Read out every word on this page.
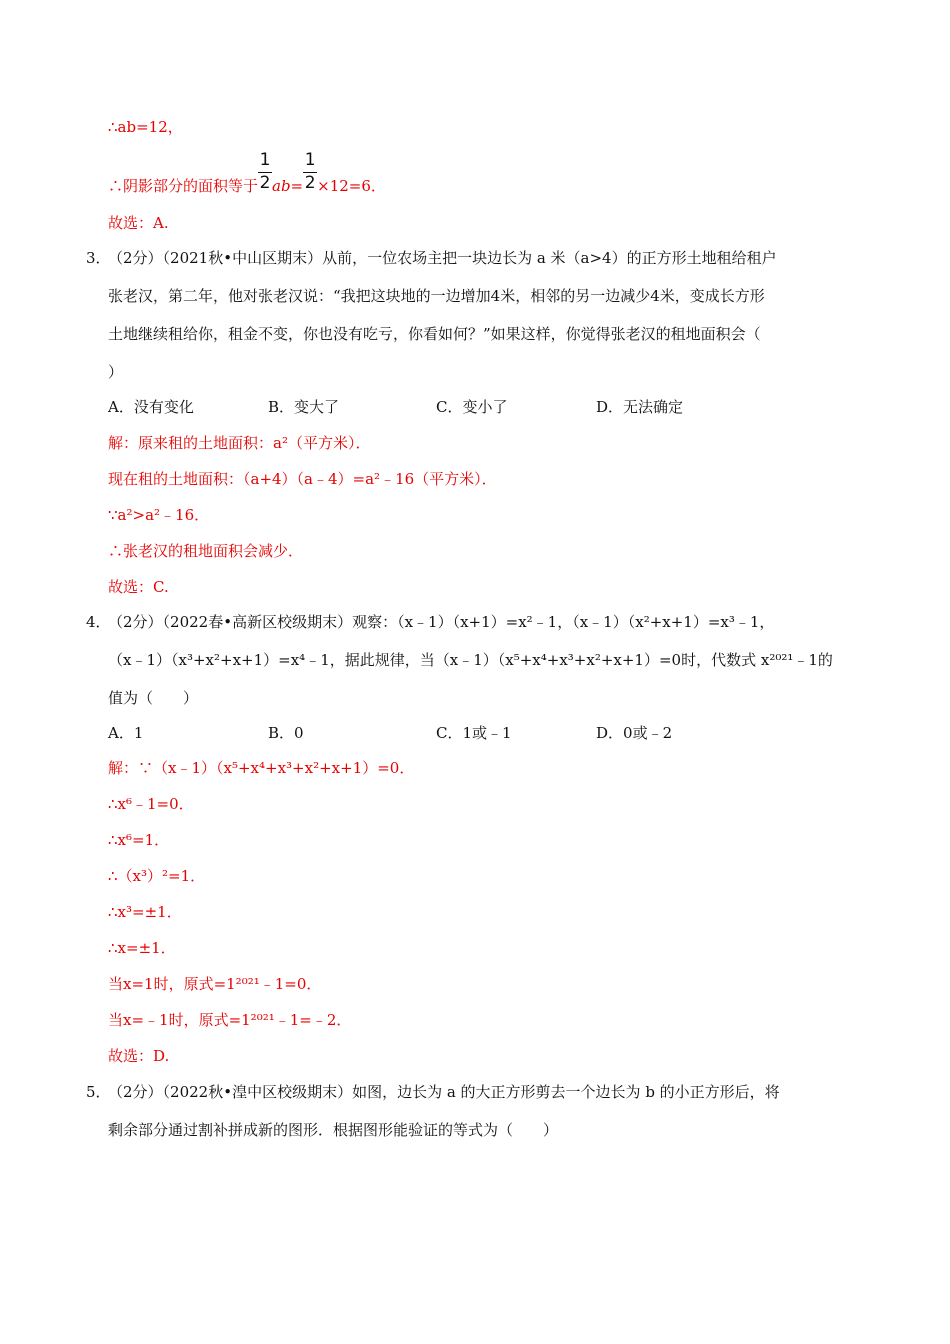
∴ab=12，
∴阴影部分的面积等于 $\frac{1}{2} ab= \frac{1}{2} \times 12=6$．
故选：A.
3．
（2分）（2021秋•中山区期末）从前，一位农场主把一块边长为 a 米（a>4）的正方形土地租给租户
张老汉，第二年，他对张老汉说：“我把这块地的一边增加4米，相邻的另一边减少4米，变成长方形
土地继续租给你，租金不变，你也没有吃亏，你看如何？”如果这样，你觉得张老汉的租地面积会（
）
A．没有变化	B．变大了	C．变小了	D．无法确定
解：原来租的土地面积：a²（平方米）．
现在租的土地面积：（a+4）（a﹣4）=a²﹣16（平方米）．
∵a²>a²﹣16．
∴张老汉的租地面积会减少．
故选：C.
4．
（2分）（2022春•高新区校级期末）观察：（x﹣1）（x+1）=x²﹣1，（x﹣1）（x²+x+1）=x³﹣1，
（x﹣1）（x³+x²+x+1）=x⁴﹣1，据此规律，当（x﹣1）（x⁵+x⁴+x³+x²+x+1）=0时，代数式 x²⁰²¹﹣1的
值为（　　）
A．1	B．0	C．1或﹣1	D．0或﹣2
解：∵（x﹣1）（x⁵+x⁴+x³+x²+x+1）=0．
∴x⁶﹣1=0．
∴x⁶=1．
∴（x³）²=1．
∴x³=±1．
∴x=±1．
当x=1时，原式=1²⁰²¹﹣1=0．
当x=﹣1时，原式=1²⁰²¹﹣1=﹣2．
故选：D.
5．
（2分）（2022秋•湟中区校级期末）如图，边长为 a 的大正方形剪去一个边长为 b 的小正方形后，将
剩余部分通过割补拼成新的图形．根据图形能验证的等式为（　　）
